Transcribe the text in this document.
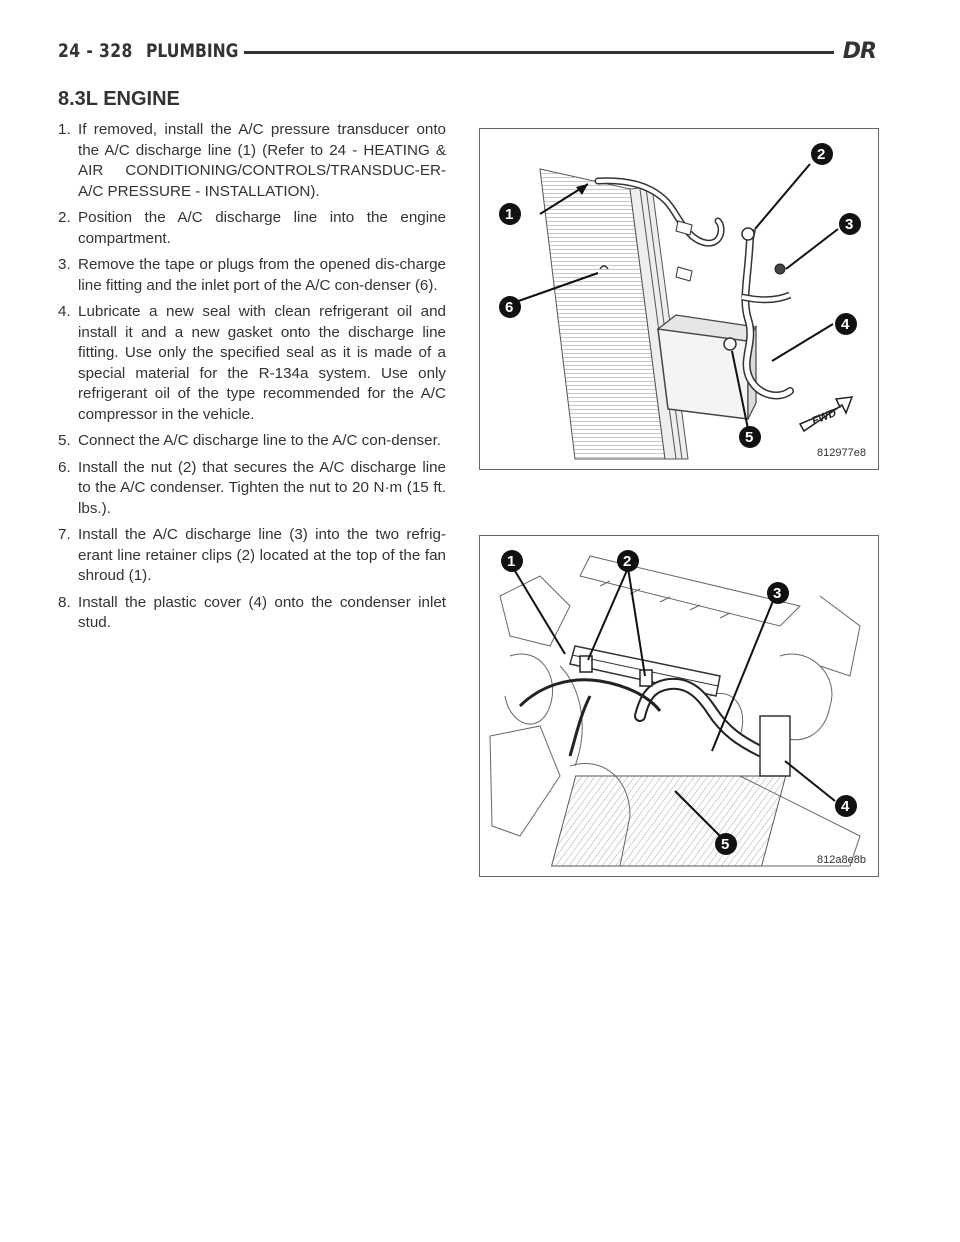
24 - 328 PLUMBING	DR
8.3L ENGINE
1. If removed, install the A/C pressure transducer onto the A/C discharge line (1) (Refer to 24 - HEATING & AIR CONDITIONING/CONTROLS/TRANSDUC-ER-A/C PRESSURE - INSTALLATION).
2. Position the A/C discharge line into the engine compartment.
3. Remove the tape or plugs from the opened dis-charge line fitting and the inlet port of the A/C con-denser (6).
4. Lubricate a new seal with clean refrigerant oil and install it and a new gasket onto the discharge line fitting. Use only the specified seal as it is made of a special material for the R-134a system. Use only refrigerant oil of the type recommended for the A/C compressor in the vehicle.
5. Connect the A/C discharge line to the A/C con-denser.
6. Install the nut (2) that secures the A/C discharge line to the A/C condenser. Tighten the nut to 20 N·m (15 ft. lbs.).
7. Install the A/C discharge line (3) into the two refrig-erant line retainer clips (2) located at the top of the fan shroud (1).
8. Install the plastic cover (4) onto the condenser inlet stud.
FWD
1
2
3
4
5
6
812977e8
1	2
3
4
5
812a8e8b
